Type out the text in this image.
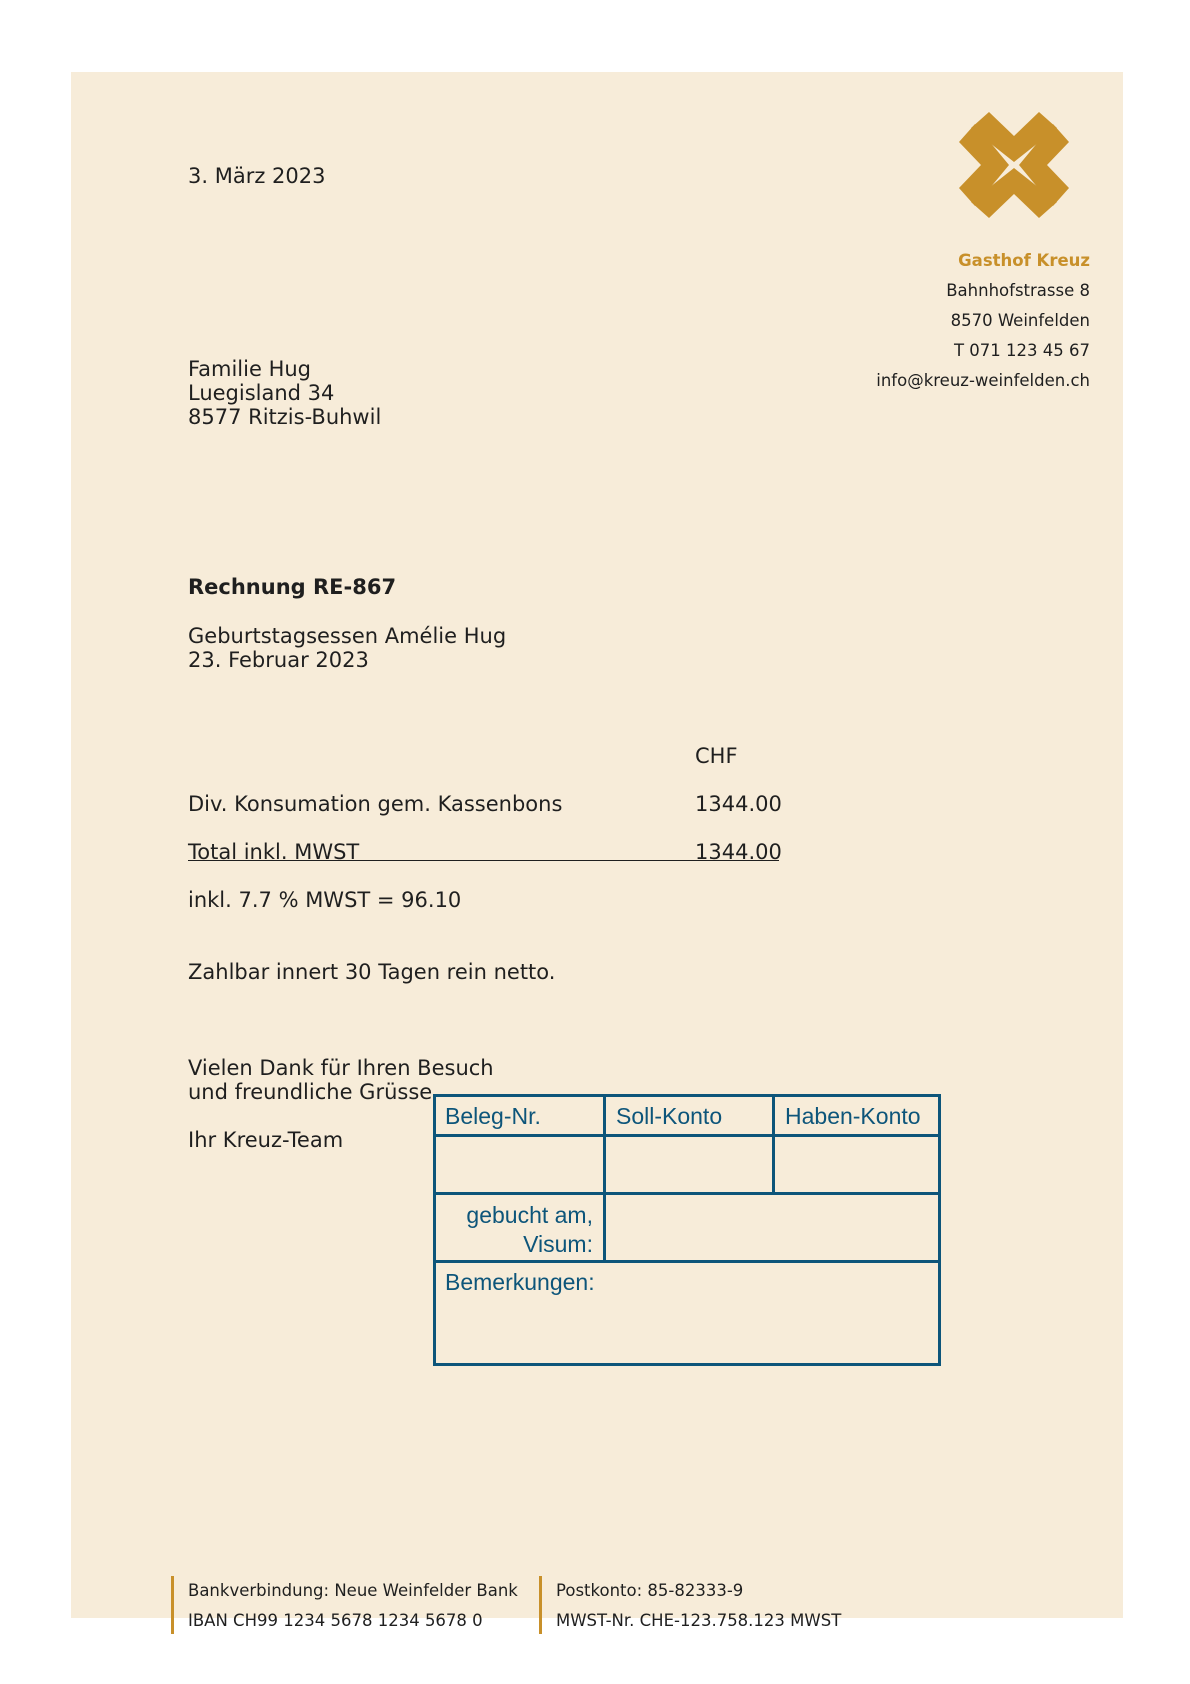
3. März 2023
Gasthof Kreuz
Bahnhofstrasse 8
8570 Weinfelden
T 071 123 45 67
info@kreuz-weinfelden.ch
Familie Hug
Luegisland 34
8577 Ritzis-Buhwil
Rechnung RE-867
Geburtstagsessen Amélie Hug
23. Februar 2023
CHF
Div. Konsumation gem. Kassenbons	1344.00
Total inkl. MWST	1344.00
inkl. 7.7 % MWST = 96.10
Zahlbar innert 30 Tagen rein netto.
Vielen Dank für Ihren Besuch
und freundliche Grüsse
Ihr Kreuz-Team
Bankverbindung: Neue Weinfelder Bank
IBAN CH99 1234 5678 1234 5678 0
Postkonto: 85-82333-9
MWST-Nr. CHE-123.758.123 MWST
Beleg-Nr.	Soll-Konto	Haben-Konto
gebucht am,
Visum:
Bemerkungen:
